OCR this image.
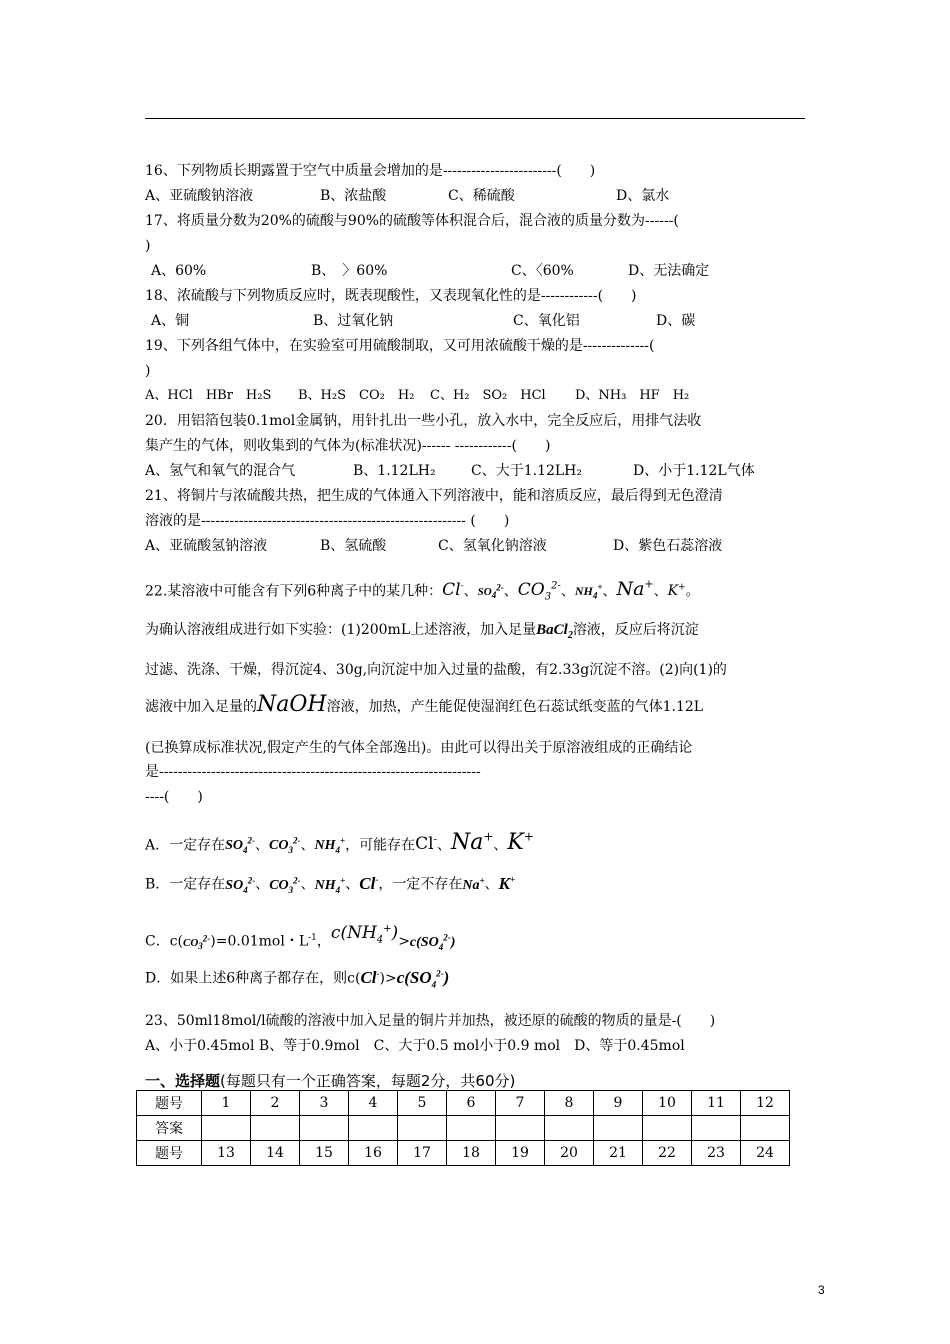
16、下列物质长期露置于空气中质量会增加的是------------------------(　　)
A、亚硫酸钠溶液	B、浓盐酸	C、稀硫酸	D、氯水
17、将质量分数为20%的硫酸与90%的硫酸等体积混合后，混合液的质量分数为------(
)
A、60%	B、　〉60%	C、〈60%	D、无法确定
18、浓硫酸与下列物质反应时，既表现酸性，又表现氧化性的是------------(　　)
A、铜	B、过氧化钠	C、氧化铝	D、碳
19、下列各组气体中，在实验室可用硫酸制取，又可用浓硫酸干燥的是--------------(
)
A、HCl　HBr　H₂S B、H₂S　CO₂　H₂ C、H₂　SO₂　HCl D、NH₃　HF　H₂
20．用铝箔包装0.1mol金属钠，用针扎出一些小孔，放入水中，完全反应后，用排气法收
集产生的气体，则收集到的气体为(标准状况)------ ------------(　　)
A、氢气和氧气的混合气	B、1.12LH₂	C、大于1.12LH₂	D、小于1.12L气体
21、将铜片与浓硫酸共热，把生成的气体通入下列溶液中，能和溶质反应，最后得到无色澄清
溶液的是-------------------------------------------------------- (　　)
A、亚硫酸氢钠溶液	B、氢硫酸	C、氢氧化钠溶液	D、紫色石蕊溶液
22.某溶液中可能含有下列6种离子中的某几种：Cl-、$SO_4^{2-}$、$CO_3^{2-}$、$NH_4^+$、Na+、K+。
为确认溶液组成进行如下实验：(1)200mL上述溶液，加入足量BaCl$_2$溶液，反应后将沉淀
过滤、洗涤、干燥，得沉淀4、30g,向沉淀中加入过量的盐酸，有2.33g沉淀不溶。(2)向(1)的
滤液中加入足量的NaOH溶液，加热，产生能促使湿润红色石蕊试纸变蓝的气体1.12L
(已换算成标准状况,假定产生的气体全部逸出)。由此可以得出关于原溶液组成的正确结论
是--------------------------------------------------------------------
----(　　)
A．一定存在$SO_4^{2-}$、$CO_3^{2-}$、$NH_4^+$，可能存在Cl-、Na+、K+
B．一定存在$SO_4^{2-}$、$CO_3^{2-}$、$NH_4^+$、Cl-，一定不存在Na+、K+
C．$c(CO_3^{2-})=0.01mol$・$L^{-1}$，$c(NH_4^+)>c(SO_4^{2-})$
D．如果上述6种离子都存在，则$c(Cl^-)>c(SO_4^{2-})$
23、50ml18mol/l硫酸的溶液中加入足量的铜片并加热，被还原的硫酸的物质的量是-(　　)
A、小于0.45mol B、等于0.9mol　C、大于0.5 mol小于0.9 mol　D、等于0.45mol
一、选择题(每题只有一个正确答案，每题2分，共60分)
题号	1	2	3	4	5	6	7	8	9	10	11	12
答案												
题号	13	14	15	16	17	18	19	20	21	22	23	24
3
